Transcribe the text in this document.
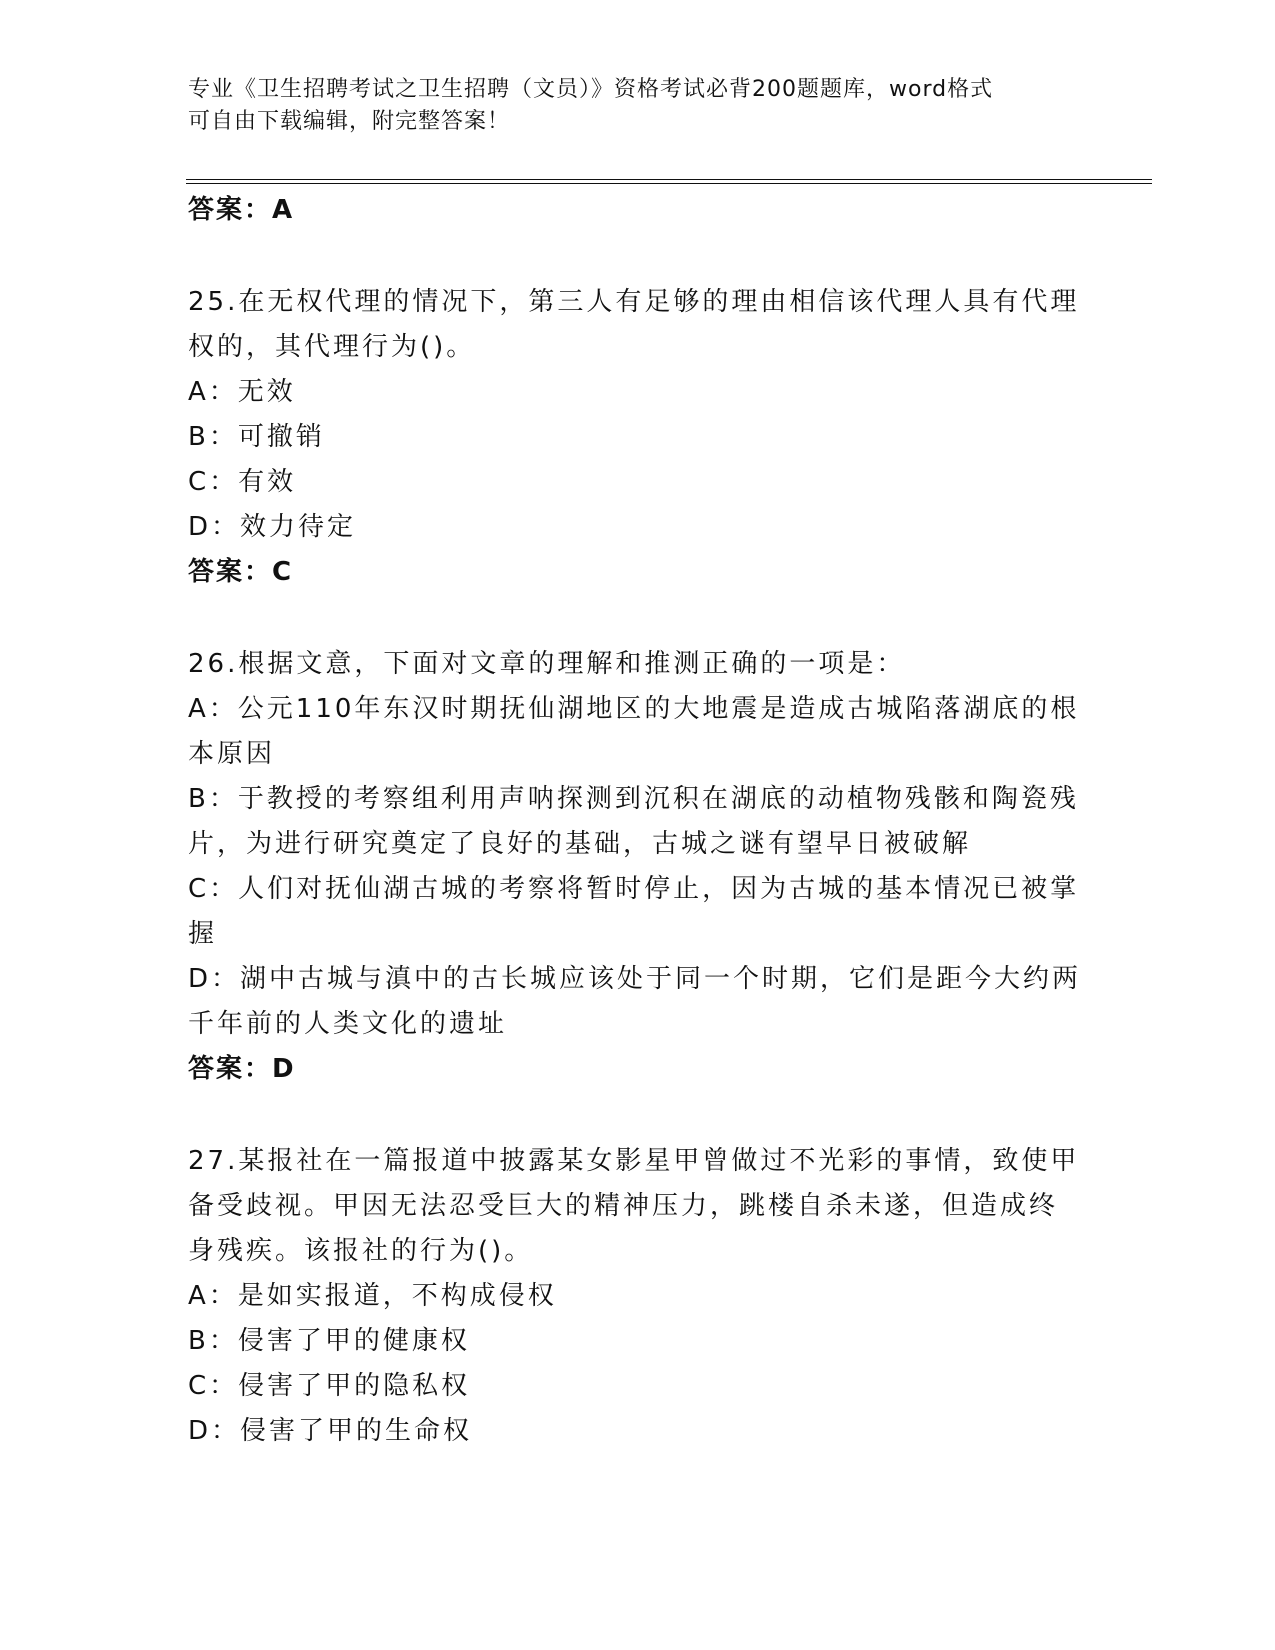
专业《卫生招聘考试之卫生招聘（文员）》资格考试必背200题题库，word格式
可自由下载编辑，附完整答案！
答案：A
25.在无权代理的情况下，第三人有足够的理由相信该代理人具有代理
权的，其代理行为()。
A：无效
B：可撤销
C：有效
D：效力待定
答案：C
26.根据文意，下面对文章的理解和推测正确的一项是：
A：公元110年东汉时期抚仙湖地区的大地震是造成古城陷落湖底的根
本原因
B：于教授的考察组利用声呐探测到沉积在湖底的动植物残骸和陶瓷残
片，为进行研究奠定了良好的基础，古城之谜有望早日被破解
C：人们对抚仙湖古城的考察将暂时停止，因为古城的基本情况已被掌
握
D：湖中古城与滇中的古长城应该处于同一个时期，它们是距今大约两
千年前的人类文化的遗址
答案：D
27.某报社在一篇报道中披露某女影星甲曾做过不光彩的事情，致使甲
备受歧视。甲因无法忍受巨大的精神压力，跳楼自杀未遂，但造成终
身残疾。该报社的行为()。
A：是如实报道，不构成侵权
B：侵害了甲的健康权
C：侵害了甲的隐私权
D：侵害了甲的生命权
